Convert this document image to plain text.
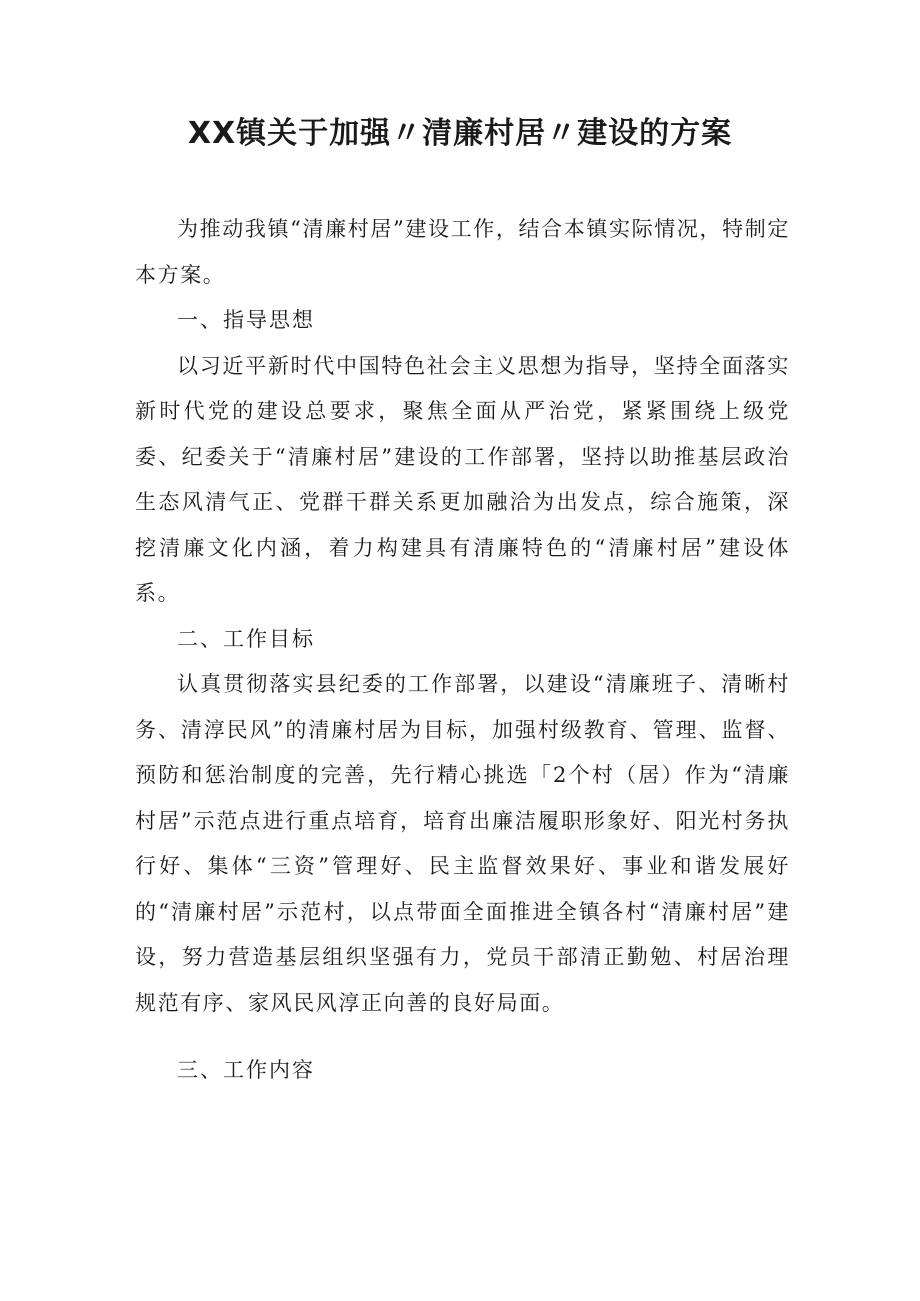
XX镇关于加强〃清廉村居〃建设的方案

为推动我镇“清廉村居”建设工作，结合本镇实际情况，特制定本方案。

一、指导思想

以习近平新时代中国特色社会主义思想为指导，坚持全面落实新时代党的建设总要求，聚焦全面从严治党，紧紧围绕上级党委、纪委关于“清廉村居”建设的工作部署，坚持以助推基层政治生态风清气正、党群干群关系更加融洽为出发点，综合施策，深挖清廉文化内涵，着力构建具有清廉特色的“清廉村居”建设体系。

二、工作目标

认真贯彻落实县纪委的工作部署，以建设“清廉班子、清晰村务、清淳民风”的清廉村居为目标，加强村级教育、管理、监督、预防和惩治制度的完善，先行精心挑选「2个村（居）作为“清廉村居”示范点进行重点培育，培育出廉洁履职形象好、阳光村务执行好、集体“三资”管理好、民主监督效果好、事业和谐发展好的“清廉村居”示范村，以点带面全面推进全镇各村“清廉村居”建设，努力营造基层组织坚强有力，党员干部清正勤勉、村居治理规范有序、家风民风淳正向善的良好局面。

三、工作内容
